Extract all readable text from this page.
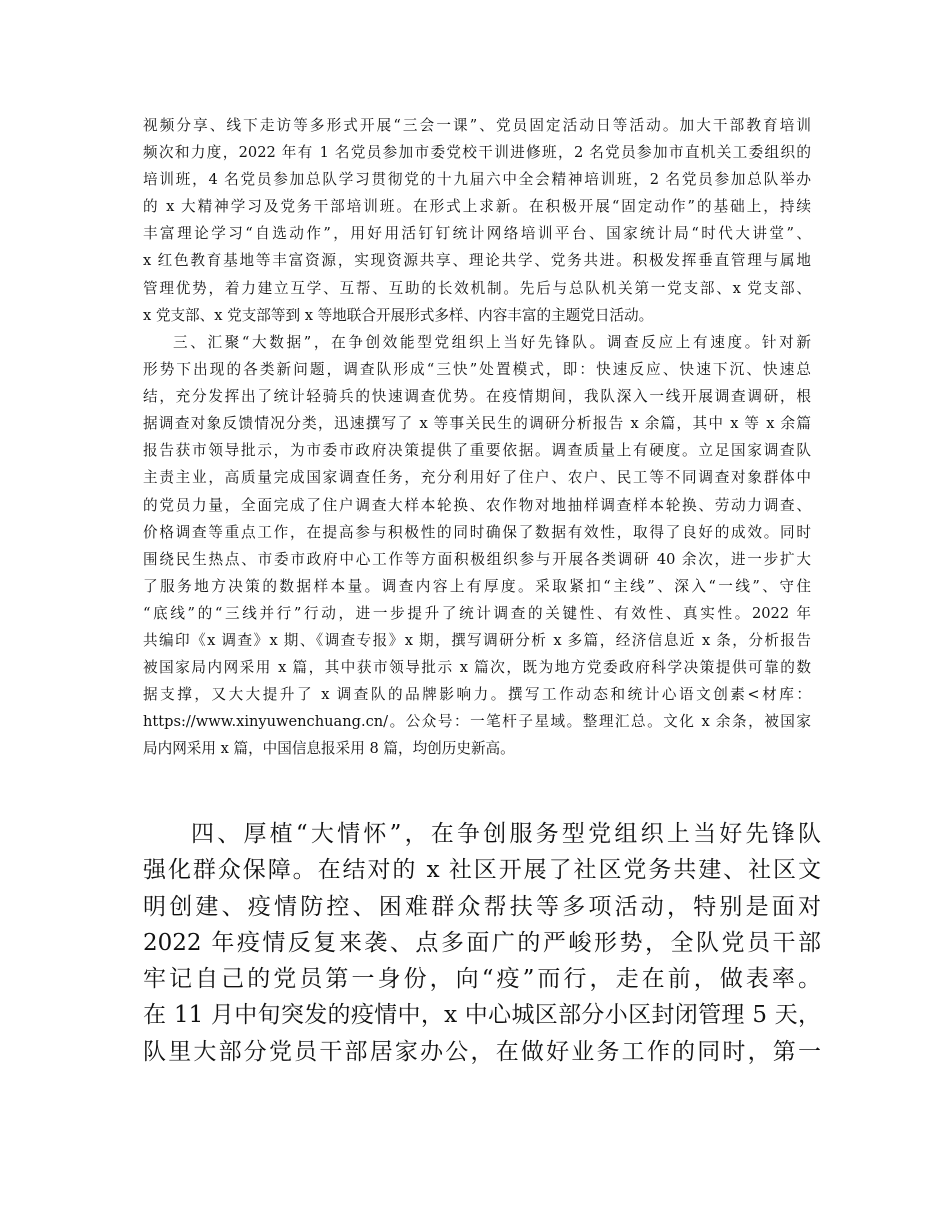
视频分享、线下走访等多形式开展“三会一课”、党员固定活动日等活动。加大干部教育培训
频次和力度，2022 年有 1 名党员参加市委党校干训进修班，2 名党员参加市直机关工委组织的
培训班，4 名党员参加总队学习贯彻党的十九届六中全会精神培训班，2 名党员参加总队举办
的 x 大精神学习及党务干部培训班。在形式上求新。在积极开展“固定动作”的基础上，持续
丰富理论学习“自选动作”，用好用活钉钉统计网络培训平台、国家统计局“时代大讲堂”、
x 红色教育基地等丰富资源，实现资源共享、理论共学、党务共进。积极发挥垂直管理与属地
管理优势，着力建立互学、互帮、互助的长效机制。先后与总队机关第一党支部、x 党支部、
x 党支部、x 党支部等到 x 等地联合开展形式多样、内容丰富的主题党日活动。
三、汇聚“大数据”，在争创效能型党组织上当好先锋队。调查反应上有速度。针对新
形势下出现的各类新问题，调查队形成“三快”处置模式，即：快速反应、快速下沉、快速总
结，充分发挥出了统计轻骑兵的快速调查优势。在疫情期间，我队深入一线开展调查调研，根
据调查对象反馈情况分类，迅速撰写了 x 等事关民生的调研分析报告 x 余篇，其中 x 等 x 余篇
报告获市领导批示，为市委市政府决策提供了重要依据。调查质量上有硬度。立足国家调查队
主责主业，高质量完成国家调查任务，充分利用好了住户、农户、民工等不同调查对象群体中
的党员力量，全面完成了住户调查大样本轮换、农作物对地抽样调查样本轮换、劳动力调查、
价格调查等重点工作，在提高参与积极性的同时确保了数据有效性，取得了良好的成效。同时
围绕民生热点、市委市政府中心工作等方面积极组织参与开展各类调研 40 余次，进一步扩大
了服务地方决策的数据样本量。调查内容上有厚度。采取紧扣“主线”、深入“一线”、守住
“底线”的“三线并行”行动，进一步提升了统计调查的关键性、有效性、真实性。2022 年
共编印《x 调查》x 期、《调查专报》x 期，撰写调研分析 x 多篇，经济信息近 x 条，分析报告
被国家局内网采用 x 篇，其中获市领导批示 x 篇次，既为地方党委政府科学决策提供可靠的数
据支撑，又大大提升了 x 调查队的品牌影响力。撰写工作动态和统计心语文创素<材库：
https://www.xinyuwenchuang.cn/。公众号：一笔杆子星域。整理汇总。文化 x 余条，被国家
局内网采用 x 篇，中国信息报采用 8 篇，均创历史新高。
四、厚植“大情怀”，在争创服务型党组织上当好先锋队
强化群众保障。在结对的 x 社区开展了社区党务共建、社区文
明创建、疫情防控、困难群众帮扶等多项活动，特别是面对
2022 年疫情反复来袭、点多面广的严峻形势，全队党员干部
牢记自己的党员第一身份，向“疫”而行，走在前，做表率。
在 11 月中旬突发的疫情中，x 中心城区部分小区封闭管理 5 天，
队里大部分党员干部居家办公，在做好业务工作的同时，第一
